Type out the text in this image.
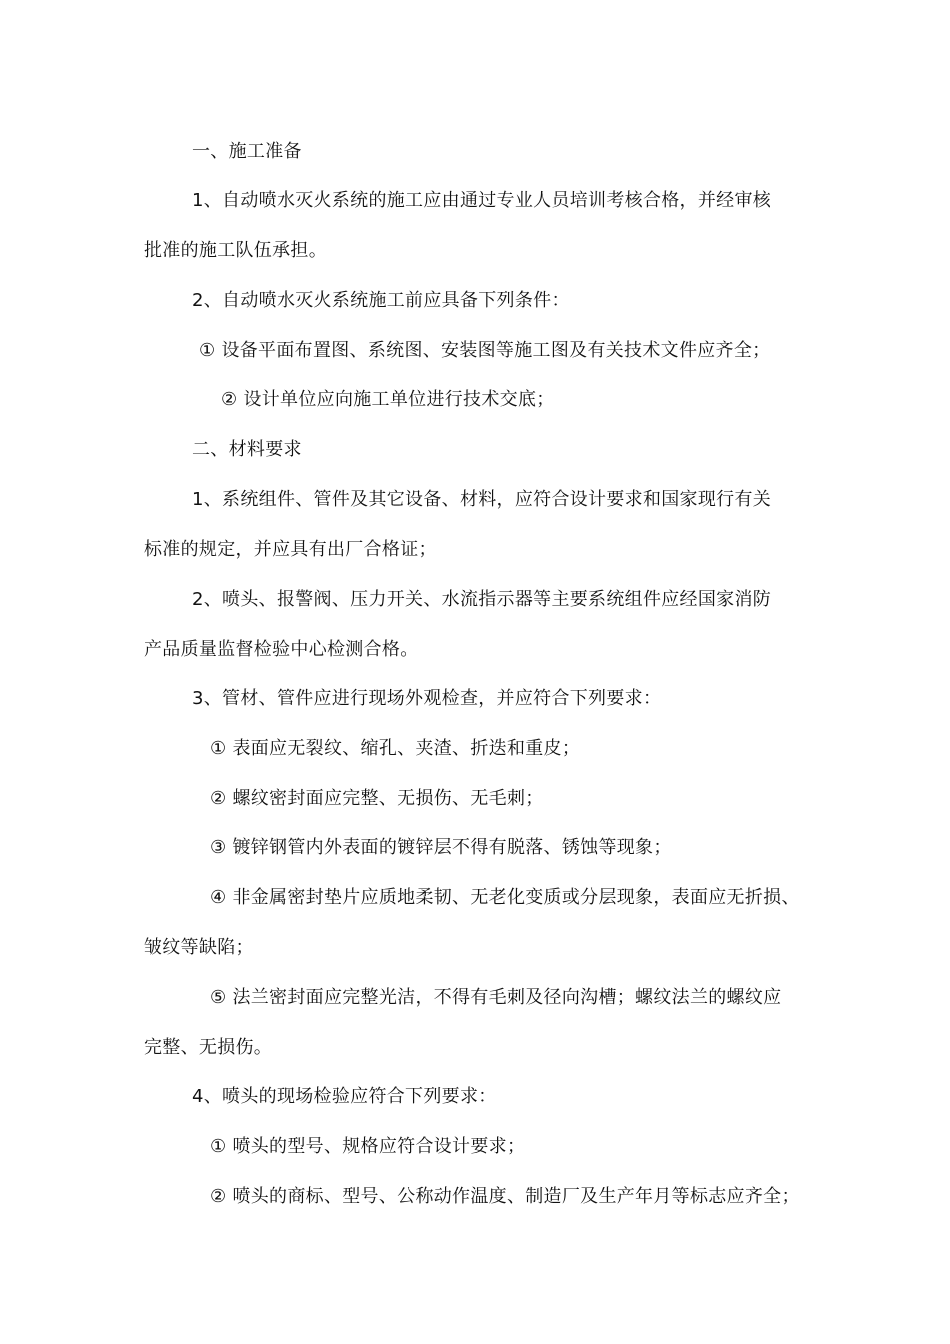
一、施工准备
1、自动喷水灭火系统的施工应由通过专业人员培训考核合格，并经审核
批准的施工队伍承担。
2、自动喷水灭火系统施工前应具备下列条件：
① 设备平面布置图、系统图、安装图等施工图及有关技术文件应齐全；
② 设计单位应向施工单位进行技术交底；
二、材料要求
1、系统组件、管件及其它设备、材料，应符合设计要求和国家现行有关
标准的规定，并应具有出厂合格证；
2、喷头、报警阀、压力开关、水流指示器等主要系统组件应经国家消防
产品质量监督检验中心检测合格。
3、管材、管件应进行现场外观检查，并应符合下列要求：
① 表面应无裂纹、缩孔、夹渣、折迭和重皮；
② 螺纹密封面应完整、无损伤、无毛刺；
③ 镀锌钢管内外表面的镀锌层不得有脱落、锈蚀等现象；
④ 非金属密封垫片应质地柔韧、无老化变质或分层现象，表面应无折损、
皱纹等缺陷；
⑤ 法兰密封面应完整光洁，不得有毛刺及径向沟槽；螺纹法兰的螺纹应
完整、无损伤。
4、喷头的现场检验应符合下列要求：
① 喷头的型号、规格应符合设计要求；
② 喷头的商标、型号、公称动作温度、制造厂及生产年月等标志应齐全；
